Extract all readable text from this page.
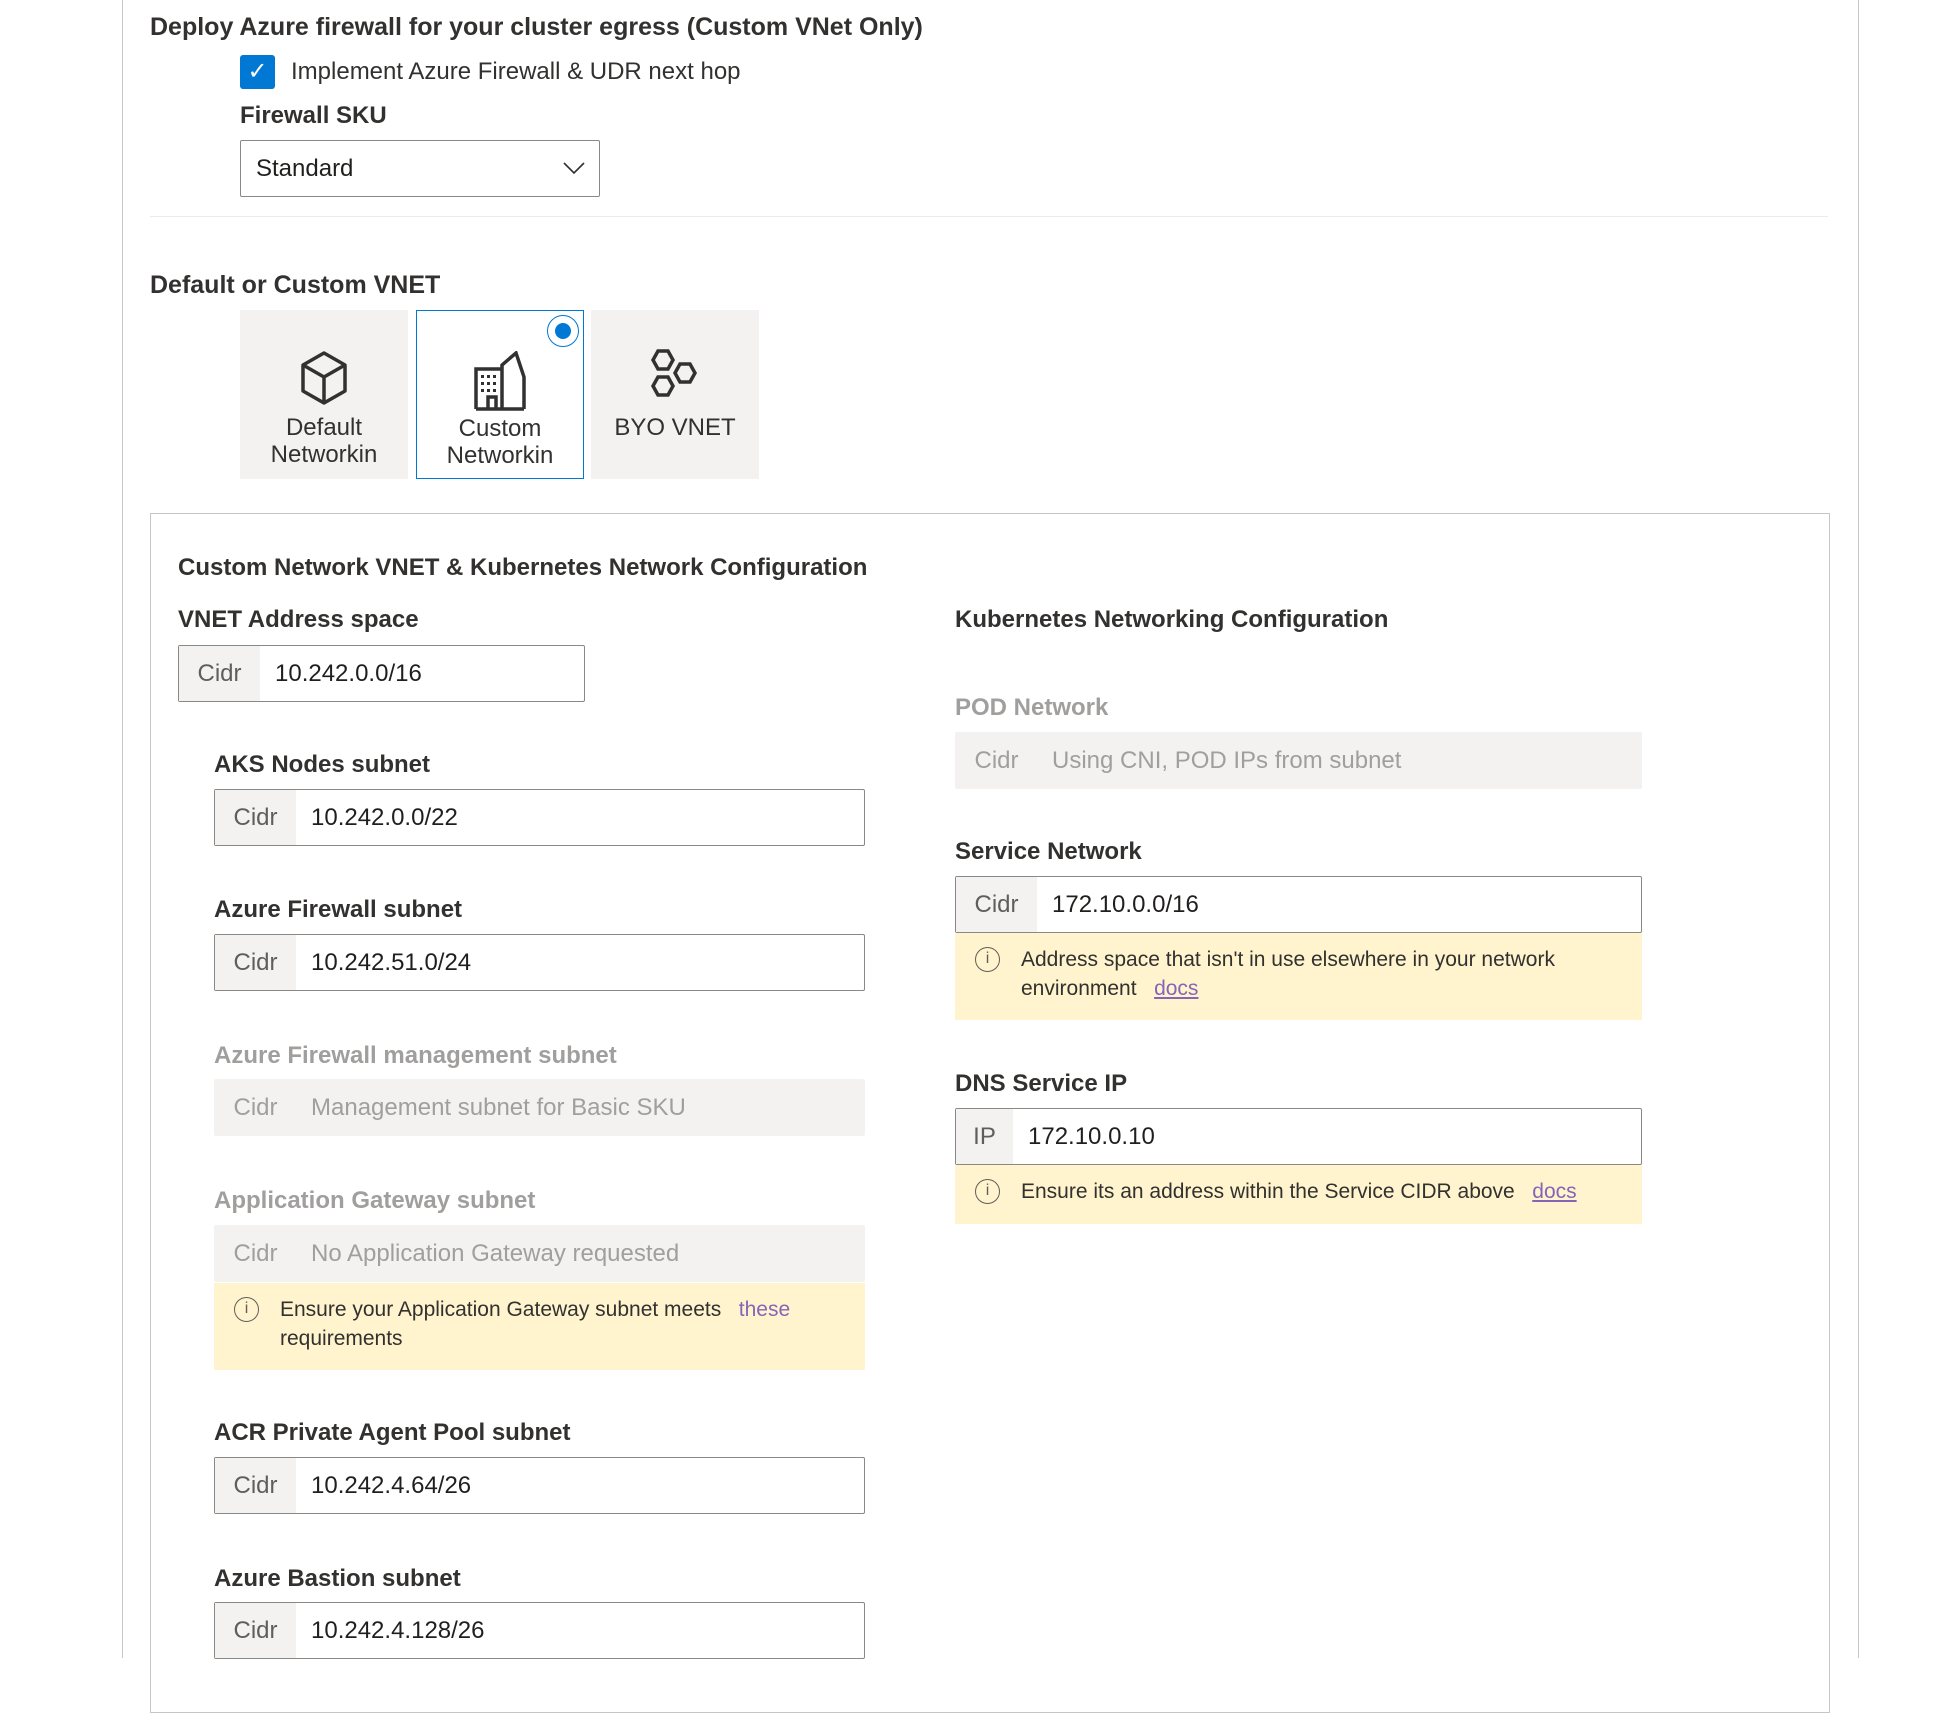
Deploy Azure firewall for your cluster egress (Custom VNet Only)
✓ Implement Azure Firewall & UDR next hop
Firewall SKU
Standard
Default or Custom VNET
Default Networkin
Custom Networkin
BYO VNET
Custom Network VNET & Kubernetes Network Configuration
VNET Address space
Cidr	10.242.0.0/16
AKS Nodes subnet
Cidr	10.242.0.0/22
Azure Firewall subnet
Cidr	10.242.51.0/24
Azure Firewall management subnet
Cidr	Management subnet for Basic SKU
Application Gateway subnet
Cidr	No Application Gateway requested
i	Ensure your Application Gateway subnet meets these
requirements
ACR Private Agent Pool subnet
Cidr	10.242.4.64/26
Azure Bastion subnet
Cidr	10.242.4.128/26
Kubernetes Networking Configuration
POD Network
Cidr	Using CNI, POD IPs from subnet
Service Network
Cidr	172.10.0.0/16
i	Address space that isn't in use elsewhere in your network environment docs
DNS Service IP
IP	172.10.0.10
i	Ensure its an address within the Service CIDR above docs
